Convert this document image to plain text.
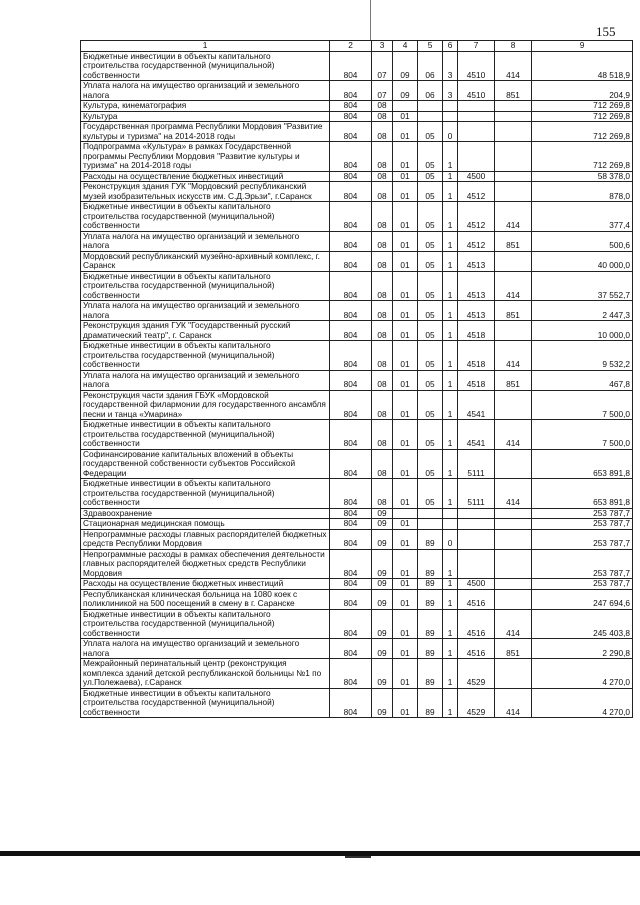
155
1	2	3	4	5	6	7	8	9
Бюджетные инвестиции в объекты капитального строительства государственной (муниципальной) собственности	804	07	09	06	3	4510	414	48 518,9
Уплата налога на имущество организаций и земельного налога	804	07	09	06	3	4510	851	204,9
Культура, кинематография	804	08						712 269,8
Культура	804	08	01					712 269,8
Государственная программа Республики Мордовия "Развитие культуры и туризма" на 2014-2018 годы	804	08	01	05	0			712 269,8
Подпрограмма «Культура» в рамках Государственной программы Республики Мордовия "Развитие культуры и туризма" на 2014-2018 годы	804	08	01	05	1			712 269,8
Расходы на осуществление бюджетных инвестиций	804	08	01	05	1	4500		58 378,0
Реконструкция здания ГУК "Мордовский республиканский музей изобразительных искусств им. С.Д.Эрьзи", г.Саранск	804	08	01	05	1	4512		878,0
Бюджетные инвестиции в объекты капитального строительства государственной (муниципальной) собственности	804	08	01	05	1	4512	414	377,4
Уплата налога на имущество организаций и земельного налога	804	08	01	05	1	4512	851	500,6
Мордовский республиканский музейно-архивный комплекс, г. Саранск	804	08	01	05	1	4513		40 000,0
Бюджетные инвестиции в объекты капитального строительства государственной (муниципальной) собственности	804	08	01	05	1	4513	414	37 552,7
Уплата налога на имущество организаций и земельного налога	804	08	01	05	1	4513	851	2 447,3
Реконструкция здания ГУК "Государственный русский драматический театр", г. Саранск	804	08	01	05	1	4518		10 000,0
Бюджетные инвестиции в объекты капитального строительства государственной (муниципальной) собственности	804	08	01	05	1	4518	414	9 532,2
Уплата налога на имущество организаций и земельного налога	804	08	01	05	1	4518	851	467,8
Реконструкция части здания ГБУК «Мордовской государственной филармонии для государственного ансамбля песни и танца «Умарина»	804	08	01	05	1	4541		7 500,0
Бюджетные инвестиции в объекты капитального строительства государственной (муниципальной) собственности	804	08	01	05	1	4541	414	7 500,0
Софинансирование капитальных вложений в объекты государственной собственности субъектов Российской Федерации	804	08	01	05	1	5111		653 891,8
Бюджетные инвестиции в объекты капитального строительства государственной (муниципальной) собственности	804	08	01	05	1	5111	414	653 891,8
Здравоохранение	804	09						253 787,7
Стационарная медицинская помощь	804	09	01					253 787,7
Непрограммные расходы главных распорядителей бюджетных средств Республики Мордовия	804	09	01	89	0			253 787,7
Непрограммные расходы в рамках обеспечения деятельности главных распорядителей бюджетных средств Республики Мордовия	804	09	01	89	1			253 787,7
Расходы на осуществление бюджетных инвестиций	804	09	01	89	1	4500		253 787,7
Республиканская клиническая больница на 1080 коек с поликлиникой на 500 посещений в смену в г. Саранске	804	09	01	89	1	4516		247 694,6
Бюджетные инвестиции в объекты капитального строительства государственной (муниципальной) собственности	804	09	01	89	1	4516	414	245 403,8
Уплата налога на имущество организаций и земельного налога	804	09	01	89	1	4516	851	2 290,8
Межрайонный перинатальный центр (реконструкция комплекса зданий детской республиканской больницы №1 по ул.Полежаева), г.Саранск	804	09	01	89	1	4529		4 270,0
Бюджетные инвестиции в объекты капитального строительства государственной (муниципальной) собственности	804	09	01	89	1	4529	414	4 270,0
